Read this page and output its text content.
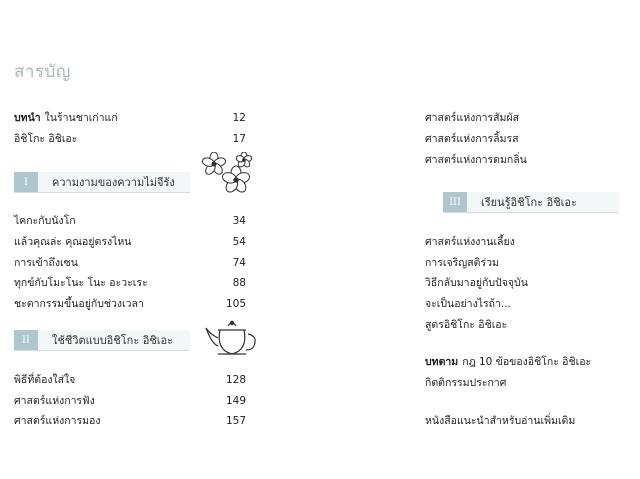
สารบัญ
บทนำ ในร้านชาเก่าแก่	12
อิชิโกะ อิชิเอะ	17
I	ความงามของความไม่จีรัง
ไคกะกับนังโก	34
แล้วคุณล่ะ คุณอยู่ตรงไหน	54
การเข้าถึงเซน	74
ทุกข์กับโมะโนะ โนะ อะวะเระ	88
ชะตากรรมขึ้นอยู่กับช่วงเวลา	105
II	ใช้ชีวิตแบบอิชิโกะ อิชิเอะ
พิธีที่ต้องใส่ใจ	128
ศาสตร์แห่งการฟัง	149
ศาสตร์แห่งการมอง	157
ศาสตร์แห่งการสัมผัส
ศาสตร์แห่งการลิ้มรส
ศาสตร์แห่งการดมกลิ่น
III	เรียนรู้อิชิโกะ อิชิเอะ
ศาสตร์แห่งงานเลี้ยง
การเจริญสติร่วม
วิธีกลับมาอยู่กับปัจจุบัน
จะเป็นอย่างไรถ้า...
สูตรอิชิโกะ อิชิเอะ
บทตาม กฎ 10 ข้อของอิชิโกะ อิชิเอะ
กิตติกรรมประกาศ
หนังสือแนะนำสำหรับอ่านเพิ่มเติม
